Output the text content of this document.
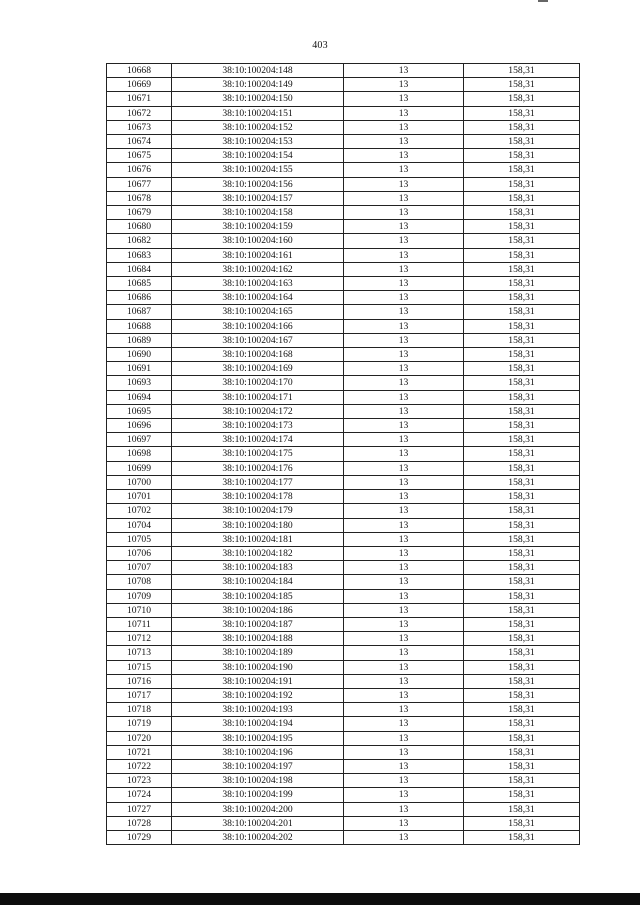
403
10668	38:10:100204:148	13	158,31
10669	38:10:100204:149	13	158,31
10671	38:10:100204:150	13	158,31
10672	38:10:100204:151	13	158,31
10673	38:10:100204:152	13	158,31
10674	38:10:100204:153	13	158,31
10675	38:10:100204:154	13	158,31
10676	38:10:100204:155	13	158,31
10677	38:10:100204:156	13	158,31
10678	38:10:100204:157	13	158,31
10679	38:10:100204:158	13	158,31
10680	38:10:100204:159	13	158,31
10682	38:10:100204:160	13	158,31
10683	38:10:100204:161	13	158,31
10684	38:10:100204:162	13	158,31
10685	38:10:100204:163	13	158,31
10686	38:10:100204:164	13	158,31
10687	38:10:100204:165	13	158,31
10688	38:10:100204:166	13	158,31
10689	38:10:100204:167	13	158,31
10690	38:10:100204:168	13	158,31
10691	38:10:100204:169	13	158,31
10693	38:10:100204:170	13	158,31
10694	38:10:100204:171	13	158,31
10695	38:10:100204:172	13	158,31
10696	38:10:100204:173	13	158,31
10697	38:10:100204:174	13	158,31
10698	38:10:100204:175	13	158,31
10699	38:10:100204:176	13	158,31
10700	38:10:100204:177	13	158,31
10701	38:10:100204:178	13	158,31
10702	38:10:100204:179	13	158,31
10704	38:10:100204:180	13	158,31
10705	38:10:100204:181	13	158,31
10706	38:10:100204:182	13	158,31
10707	38:10:100204:183	13	158,31
10708	38:10:100204:184	13	158,31
10709	38:10:100204:185	13	158,31
10710	38:10:100204:186	13	158,31
10711	38:10:100204:187	13	158,31
10712	38:10:100204:188	13	158,31
10713	38:10:100204:189	13	158,31
10715	38:10:100204:190	13	158,31
10716	38:10:100204:191	13	158,31
10717	38:10:100204:192	13	158,31
10718	38:10:100204:193	13	158,31
10719	38:10:100204:194	13	158,31
10720	38:10:100204:195	13	158,31
10721	38:10:100204:196	13	158,31
10722	38:10:100204:197	13	158,31
10723	38:10:100204:198	13	158,31
10724	38:10:100204:199	13	158,31
10727	38:10:100204:200	13	158,31
10728	38:10:100204:201	13	158,31
10729	38:10:100204:202	13	158,31
